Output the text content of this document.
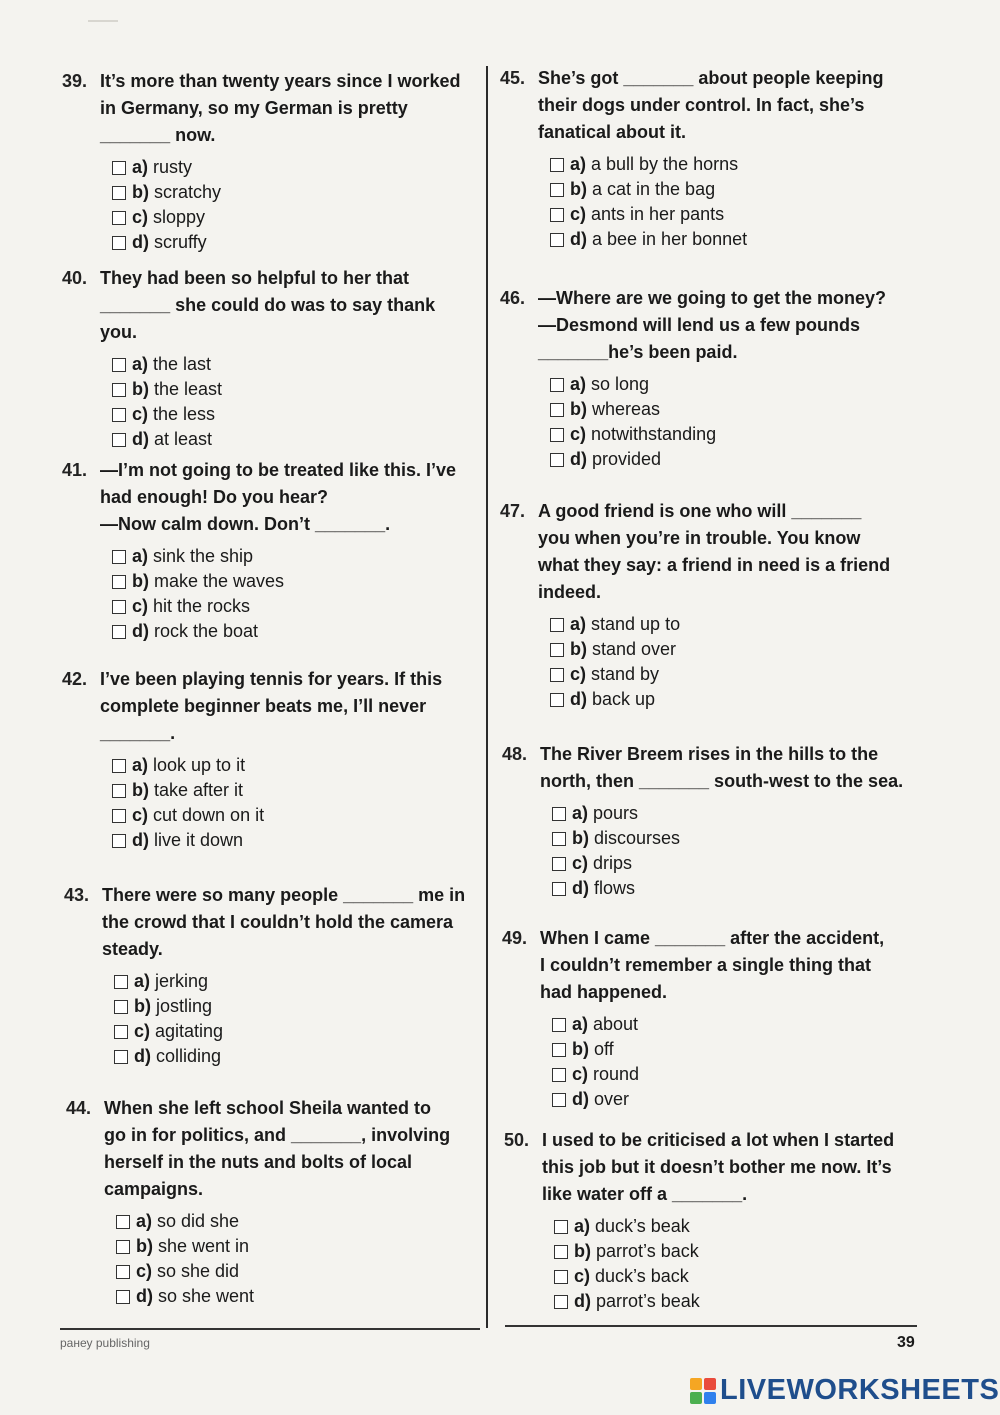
39. It’s more than twenty years since I worked
in Germany, so my German is pretty
_______ now.
a) rusty
b) scratchy
c) sloppy
d) scruffy
40. They had been so helpful to her that
_______ she could do was to say thank
you.
a) the last
b) the least
c) the less
d) at least
41. —I’m not going to be treated like this. I’ve
had enough! Do you hear?
—Now calm down. Don’t _______.
a) sink the ship
b) make the waves
c) hit the rocks
d) rock the boat
42. I’ve been playing tennis for years. If this
complete beginner beats me, I’ll never
_______.
a) look up to it
b) take after it
c) cut down on it
d) live it down
43. There were so many people _______ me in
the crowd that I couldn’t hold the camera
steady.
a) jerking
b) jostling
c) agitating
d) colliding
44. When she left school Sheila wanted to
go in for politics, and _______, involving
herself in the nuts and bolts of local
campaigns.
a) so did she
b) she went in
c) so she did
d) so she went
45. She’s got _______ about people keeping
their dogs under control. In fact, she’s
fanatical about it.
a) a bull by the horns
b) a cat in the bag
c) ants in her pants
d) a bee in her bonnet
46. —Where are we going to get the money?
—Desmond will lend us a few pounds
_______he’s been paid.
a) so long
b) whereas
c) notwithstanding
d) provided
47. A good friend is one who will _______
you when you’re in trouble. You know
what they say: a friend in need is a friend
indeed.
a) stand up to
b) stand over
c) stand by
d) back up
48. The River Breem rises in the hills to the
north, then _______ south-west to the sea.
a) pours
b) discourses
c) drips
d) flows
49. When I came _______ after the accident,
I couldn’t remember a single thing that
had happened.
a) about
b) off
c) round
d) over
50. I used to be criticised a lot when I started
this job but it doesn’t bother me now. It’s
like water off a _______.
a) duck’s beak
b) parrot’s back
c) duck’s back
d) parrot’s beak
ранеу publishing	39
LIVEWORKSHEETS
